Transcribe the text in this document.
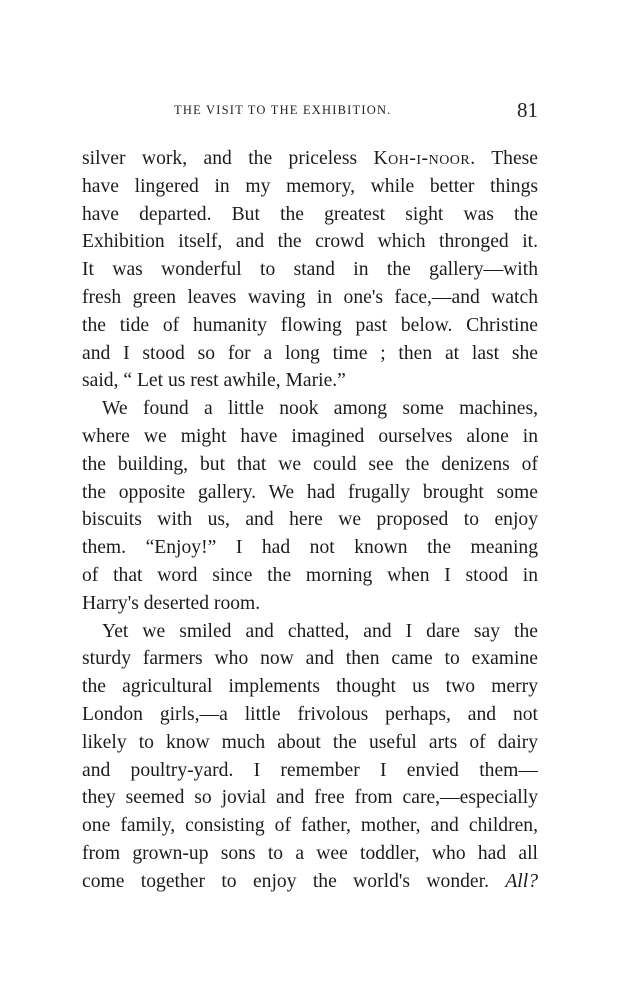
THE VISIT TO THE EXHIBITION.	81
silver work, and the priceless Koh-i-noor. These
have lingered in my memory, while better things
have departed. But the greatest sight was the
Exhibition itself, and the crowd which thronged it.
It was wonderful to stand in the gallery—with
fresh green leaves waving in one's face,—and watch
the tide of humanity flowing past below. Christine
and I stood so for a long time ; then at last she
said, “ Let us rest awhile, Marie.”
We found a little nook among some machines,
where we might have imagined ourselves alone in
the building, but that we could see the denizens of
the opposite gallery. We had frugally brought some
biscuits with us, and here we proposed to enjoy
them. “Enjoy!” I had not known the meaning
of that word since the morning when I stood in
Harry's deserted room.
Yet we smiled and chatted, and I dare say the
sturdy farmers who now and then came to examine
the agricultural implements thought us two merry
London girls,—a little frivolous perhaps, and not
likely to know much about the useful arts of dairy
and poultry-yard. I remember I envied them—
they seemed so jovial and free from care,—especially
one family, consisting of father, mother, and children,
from grown-up sons to a wee toddler, who had all
come together to enjoy the world's wonder. All?
